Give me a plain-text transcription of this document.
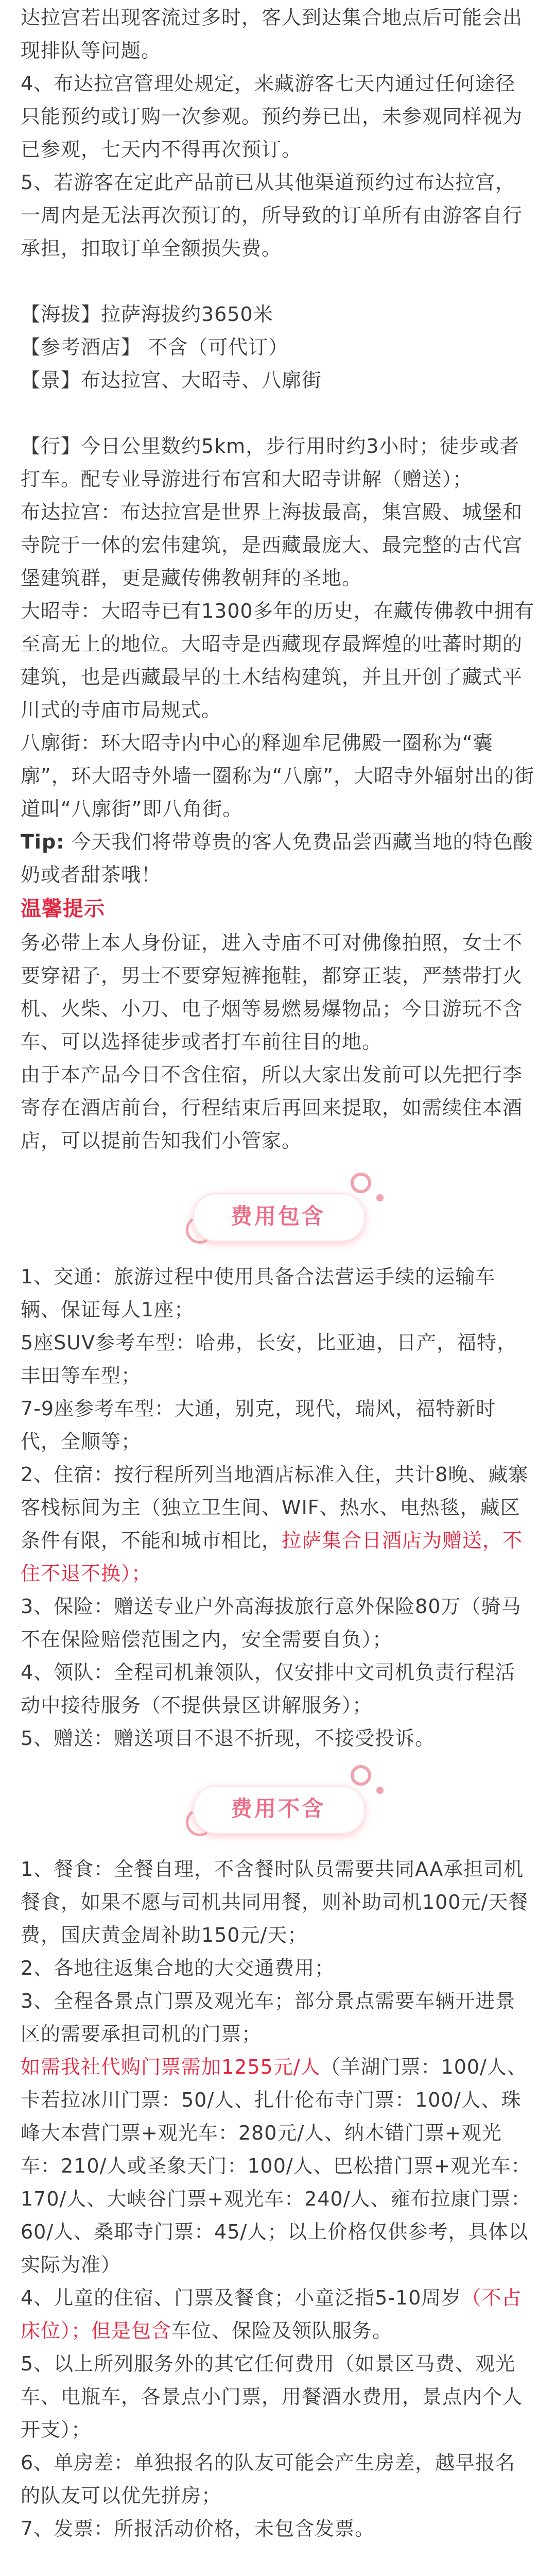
达拉宫若出现客流过多时，客人到达集合地点后可能会出现排队等问题。

4、布达拉宫管理处规定，来藏游客七天内通过任何途径只能预约或订购一次参观。预约券已出，未参观同样视为已参观，七天内不得再次预订。

5、若游客在定此产品前已从其他渠道预约过布达拉宫，一周内是无法再次预订的，所导致的订单所有由游客自行承担，扣取订单全额损失费。

【海拔】拉萨海拔约3650米

【参考酒店】 不含（可代订）

【景】布达拉宫、大昭寺、八廓街

【行】今日公里数约5km，步行用时约3小时；徒步或者打车。配专业导游进行布宫和大昭寺讲解（赠送）；

布达拉宫：布达拉宫是世界上海拔最高，集宫殿、城堡和寺院于一体的宏伟建筑，是西藏最庞大、最完整的古代宫堡建筑群，更是藏传佛教朝拜的圣地。

大昭寺：大昭寺已有1300多年的历史，在藏传佛教中拥有至高无上的地位。大昭寺是西藏现存最辉煌的吐蕃时期的建筑，也是西藏最早的土木结构建筑，并且开创了藏式平川式的寺庙市局规式。

八廓街：环大昭寺内中心的释迦牟尼佛殿一圈称为“囊廓”，环大昭寺外墙一圈称为“八廓”，大昭寺外辐射出的街道叫“八廓街”即八角街。

Tip: 今天我们将带尊贵的客人免费品尝西藏当地的特色酸奶或者甜茶哦！

温馨提示

务必带上本人身份证，进入寺庙不可对佛像拍照，女士不要穿裙子，男士不要穿短裤拖鞋，都穿正装，严禁带打火机、火柴、小刀、电子烟等易燃易爆物品；今日游玩不含车、可以选择徒步或者打车前往目的地。

由于本产品今日不含住宿，所以大家出发前可以先把行李寄存在酒店前台，行程结束后再回来提取，如需续住本酒店，可以提前告知我们小管家。

费用包含

1、交通：旅游过程中使用具备合法营运手续的运输车辆、保证每人1座；

5座SUV参考车型：哈弗，长安，比亚迪，日产，福特，丰田等车型；

7-9座参考车型：大通，别克，现代，瑞风，福特新时代，全顺等；

2、住宿：按行程所列当地酒店标准入住，共计8晚、藏寨客栈标间为主（独立卫生间、WIF、热水、电热毯，藏区条件有限，不能和城市相比，拉萨集合日酒店为赠送，不住不退不换）；

3、保险：赠送专业户外高海拔旅行意外保险80万（骑马不在保险赔偿范围之内，安全需要自负）；

4、领队：全程司机兼领队，仅安排中文司机负责行程活动中接待服务（不提供景区讲解服务）；

5、赠送：赠送项目不退不折现，不接受投诉。

费用不含

1、餐食：全餐自理，不含餐时队员需要共同AA承担司机餐食，如果不愿与司机共同用餐，则补助司机100元/天餐费，国庆黄金周补助150元/天；

2、各地往返集合地的大交通费用；

3、全程各景点门票及观光车；部分景点需要车辆开进景区的需要承担司机的门票；

如需我社代购门票需加1255元/人（羊湖门票：100/人、卡若拉冰川门票：50/人、扎什伦布寺门票：100/人、珠峰大本营门票+观光车：280元/人、纳木错门票+观光车：210/人或圣象天门：100/人、巴松措门票+观光车：170/人、大峡谷门票+观光车：240/人、雍布拉康门票：60/人、桑耶寺门票：45/人；以上价格仅供参考，具体以实际为准）

4、儿童的住宿、门票及餐食；小童泛指5-10周岁（不占床位）；但是包含车位、保险及领队服务。

5、以上所列服务外的其它任何费用（如景区马费、观光车、电瓶车，各景点小门票，用餐酒水费用，景点内个人开支）；

6、单房差：单独报名的队友可能会产生房差，越早报名的队友可以优先拼房；

7、发票：所报活动价格，未包含发票。
